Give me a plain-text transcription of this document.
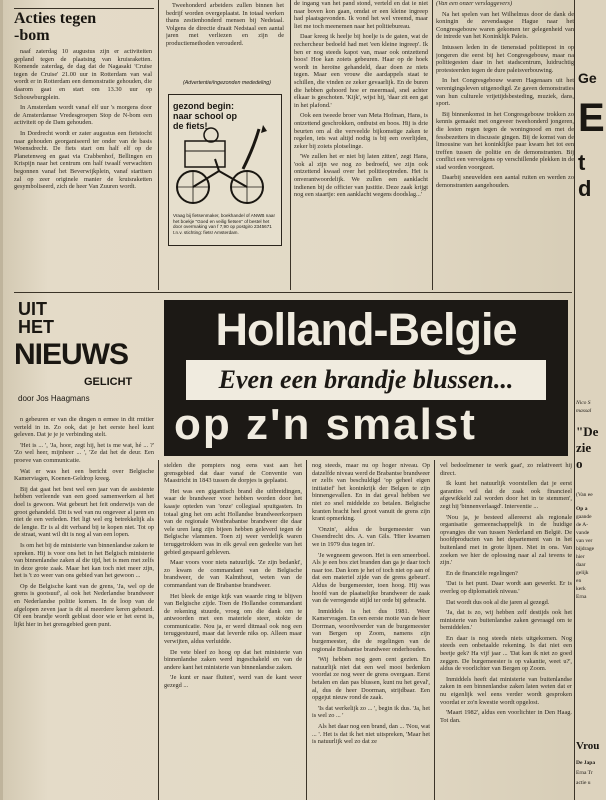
Acties tegen
-bom

naaf zaterdag 10 augustus zijn er activiteiten gepland tegen de plaatsing van kruisraketten. Komende zaterdag, de dag dat de Nagasaki 'Cruise tegen de Cruise' 21.00 uur in Rotterdam van wal wordt er in Rotterdam een demonstratie gehouden, die daarom gaat en start om 13.30 uur op Schouwburgplein.

In Amsterdam wordt vanaf elf uur 's morgens door de Amsterdamse Vredesgroepen Stop de N-bom een activiteit op de Dam gehouden.

In Dordrecht wordt er zater augustus een fietstocht naar gehouden georganiseerd ter onder van de basis Woensdrecht. De fiets start om half elf op de Planetenweg en gaat via Crabbenhof, Bellingen en Krispijn naar het centrum om half twaalf verwachten begonnen vanaf het Beverwijkplein, vanaf starttsen zal op zeer originele manier de kruisraketten gesymboliseerd, zich de heer Van Zuuren wordt.

Tweehonderd arbeiders zullen binnen het bedrijf worden overgeplaatst. In totaal werken thans zestienhonderd mensen bij Nedstaal. Volgens de directie draait Nedstaal een aantal jaren met verliezen en zijn de productiemethoden verouderd.

(Advertentie/ingezonden mededeling)
gezond begin: naar school op de fiets!
Vraag bij fietsenmaker, boekhandel of ANWB naar het boekje "Goed en veilig fietsen" of bestel het door overmaking van f 7,90 op postgiro 2345671 t.n.v. stichting: fiets! Amsterdam.

de ingang van het pand stond, verteld en dat ie niet naar boven kon gaan, omdat er een kleine ingreep had plaatsgevonden. Ik vond het wel vreemd, maar liet me toch meenemen naar het politiebureau.

Daar kreeg ik heelje bij hoelje is de gaten, wat de rechercheur bedoeld had met 'een kleine ingreep'. Ik ben er nog steeds kapot van, maar ook ontzettend boos! Hoe kan zoiets gebeuren. Haar op de hoek wordt in heroïne gehandeld, daar doen ze niets tegen. Maar een vrouw die aardappels staat te schillen, die vinden ze zeker gevaarlijk. En de buren die hebben gehoord hoe er meermaal, snel achter elkaar is geschoten. 'Kijk', wijst hij, 'daar zit een gat in het plafond.'

Ook een tweede broer van Meta Hofman, Hans, is ontzettend geschrokken, ontbutst en boos. Hij is drie beurten om al die verveelde bijkomstige zaken te regelen, iets wat altijd nodig is bij een overlijden, zeker bij zoiets plotselinge.

'We zullen het er niet bij laten zitten', zegt Hans, 'ook al zijn we nog zo bedroefd, we zijn ook ontzettend kwaad over het politieoptreden. Het is onverantwoordelijk. We zullen een aanklacht indienen bij de officier van justitie. Deze zaak krijgt nog een staartje: een aanklacht wegens doodslag...'

(Van een onzer verslaggevers)

Na het spelen van het Wilhelmus door de dank de koningin de zevendaagse Hague naar het Congresgebouw waren gekomen ter gelegenheid van de intrede van het Koninklijk Paleis.

Intussen leden in de tienenstad politiepost in op jongeren die eerst bij het Congresgebouw, maar na politiegesten daar in het stadscentrum, luidruchtig protesteerden tegen de dure paleisverbouwing.

In het Congresgebouw waren Hagenaars uit het verenigingsleven uitgenodigd. Ze gaven demonstraties van hun culturele vrijetijdsbesteding, muziek, dans, sport.

Bij binnenkomst in het Congresgebouw trokken zo kennis gemaakt met ongeveer tweehonderd jongeren, die lesten regen tegen de woningnood en met de fessbezetters in discussie gingen. Bij de komst van de limousine van het koninklijke paar kwam het tot een treffen tussen de politie en de demonstranten. Bij conflict een vervolgens op verschillende plekken in de stad worden voorgezet.

Daarbij sneuvelden een aantal ruiten en werden zo demonstranten aangehouden.

Ge
E
t
d
Nico S
massal
"De
zie
o
(Van ee
Op a
gaande
de A-
vande
van ver
bijdrage
hier
daar
gelijk
en
kerk
Erna
Vrou
De Japa
Erna Tr
actie u
UIT HET
NIEUWS
GELICHT
door Jos Haagmans
Holland-Belgie
Even een brandje blussen...
op z'n smalst

n gebeuren er van die dingen n ermee in dit rmitier verteld in in. Zo ook, dat je het eerste heel kunt geleven. Dat je je je verbinding stelt.

'Het is ... ', 'Ja, hoor, zegt hij, het is me wat, hé ... ?' 'Zo wel heer, mijnheer ... ', 'Ze dat het de deur. Een proeve van communicatie.

Wat er was het een bericht over Belgische Kamerviagen, Koenen-Geldrop kreeg.

Bij dat gaat het best wel een jaar van de assistente hebben verleende van een goed samenwerken al het doel is gewoon. Wat gebeurt het feit onderwijs van de groot gehandeld. Dit is wel van nu ongeveer al jaren en niet de een verleden. Het ligt wel erg betrekkelijk als de lengte. Er is al dit verband bij te kopen niet. Tot op de straat, want wil dit is nog al van een lopen.

Is om het bij de ministerie van binnenlandse zaken te spreken. Hij is voor ons het in het Belgisch ministerie van binnenlandse zaken al die tijd, het is men met zelfs in deze grote zaak. Maar het kan toch niet meer zijn, het is 't zo weer van ons gebied van het gewoon ...

Op de Belgische kant van de grens, 'Ja, wel op de grens is gootsuuf', al ook het Nederlandse brandweer en Nederlandse politie komen. In de loop van de afgelopen zeven jaar is dit al meerdere keren gebeurd. Of een brandje wordt geblust door wie er het eerst is, lijkt hier in het grensgebied geen punt.

stelden die pompiers nog eens vast aan het grensgebied dat daar vanaf de Conventie van Maastricht in 1843 tussen de dorpjes is geplaatst.

Het was een gigantisch brand die uitbreidingen, waar de brandweer voor hebben worden door het kaasje opteden van 'onze' collegiaal spuitgasten. In totaal ging het om acht Hollandse brandweerkorpsen van de regionale Westbrabantse brandweer die daar vele uren lang zijn bijeen hebben geleverd tegen de Belgische vlammen. Toen zij weer verdelijk waren teruggetrokken was in elk geval een gedeelte van het gebied gespaard gebleven.

Maar voors voor niets natuurlijk. 'Ze zijn bedankt', zo kwam de commandant van de Belgische brandweer, de van Kalmthout, weten van de commandant van de Brabantse brandweer.

Het bleek de enige kijk van waarde ring te blijven van Belgische zijde. Toen de Hollandse commandant de rekening stuurde, vroeg om die dank om te antwoorden met een materiele steer, stokte de communicatie. Nou ja, er werd ditmaal ook nog een teruggestuurd, maar dat leverde niks op. Alleen maar verwijten, aldus verluidde.

De vete bleef zo hoog op dat het ministerie van binnenlandse zaken werd ingeschakeld en van de andere kant het ministerie van binnenlandse zaken.

'Je kunt er naar fluiten', werd van de kant weer gezegd ...

nog steeds, maar nu op hoger niveau. Op datzelfde niveau werd de Brabantse brandweer er zelfs van beschuldigd 'op geheel eigen initiatief' het koninkrijk der Belgen te zijn binnengevallen. En in dat geval hebben we niet zo snel middelde zo betalen. Belgische kranten bracht heel groot vanuit de grens zijn krant opmerking.

'Onzin', aldus de burgemeester van Ossendrecht drs. A. van Gils. 'Hier kwamen we in 1979 dus tegen in'.

'Je wegneem gewoon. Het is een smeerboel. Als je een bos ziet branden dan ga je daar toch naar toe. Dan kom je het of toch niet op aan of dat een materiel zijde van de grens gebeurt'. Aldus de burgemeester, toen hoog. Hij was hoofd van de plaatselijke brandweer de zaak van de verregende stijld ter orde bij gebracht.

Inmiddels is het dus 1981. Weer Kamervragen. En een eerste motie van de heer Dorrman, woordvoerder van de burgemeester van Bergen op Zoom, namens zijn burgemeester, die de regelingen van de regionale Brabantse brandweer onderhouden.

'Wij hebben nog geen cent gezien. En natuurlijk niet dat een wel mooi bedenken voordat ze nog weer de grens overgaan. Eerst betalen en dan pas blussen, kunt nu het geval', al, dus de heer Doorman, strijdbaar. Een opgejut nieuw rond de zaak.

'Is dat werkelijk zo ... ', begin ik dus. 'Ja, het is wel zo ... '

Als het daar nog een brand, dan ... 'Nou, wat ... '. Het is dat ik het niet uitspreken, 'Maar het is natuurlijk wel zo dat ze

vel bedoelmener te werk gaat', zo relativeert hij direct.

Ik kunt het natuurlijk voorstellen dat je eerst garanties wil dat de zaak ook financieel afgewikkeld zal worden door het in te stemmen', zegt hij 'binnenverlaagd'. Interventie ...

'Nou ja, je besteed allereerst als regionale organisatie gemeenschappelijk in de huidige opvangjes die van tussen Nederland en België. De hoofdproducten van het departement van in het buitenland met in grote lijnen. Niet in ons. Van zoeken we hier de oplossing naar al zal tevens te zijn.'

En de financiële regelingen?

'Dat is het punt. Daar wordt aan gewerkt. Er is overleg op diplomatiek niveau.'

Dat wordt dus ook al die jaren al gezegd.

'Ja, dat is zo, wij hebben zelf destijds ook het ministerie van buitenlandse zaken gevraagd om te bemiddelen.'

En daar is nog steeds niets uitgekomen. Nog steeds een onbetaalde rekening. Is dat niet een beetje gek? Ha vijf jaar ... 'Dat kan ik niet zo goed zeggen. De burgemeester is op vakantie, weet u?', aldus de voorlichter van Bergen op Zoom.

Inmiddels heeft dat ministerie van buitenlandse zaken in een binnenlandse zaken laten weten dat er nu eigenlijk wel eens verder wordt gesproken voordat er zo'n kwestie wordt opgelost.

'Maart 1982', aldus een voorlichter in Den Haag. Tot dan.
